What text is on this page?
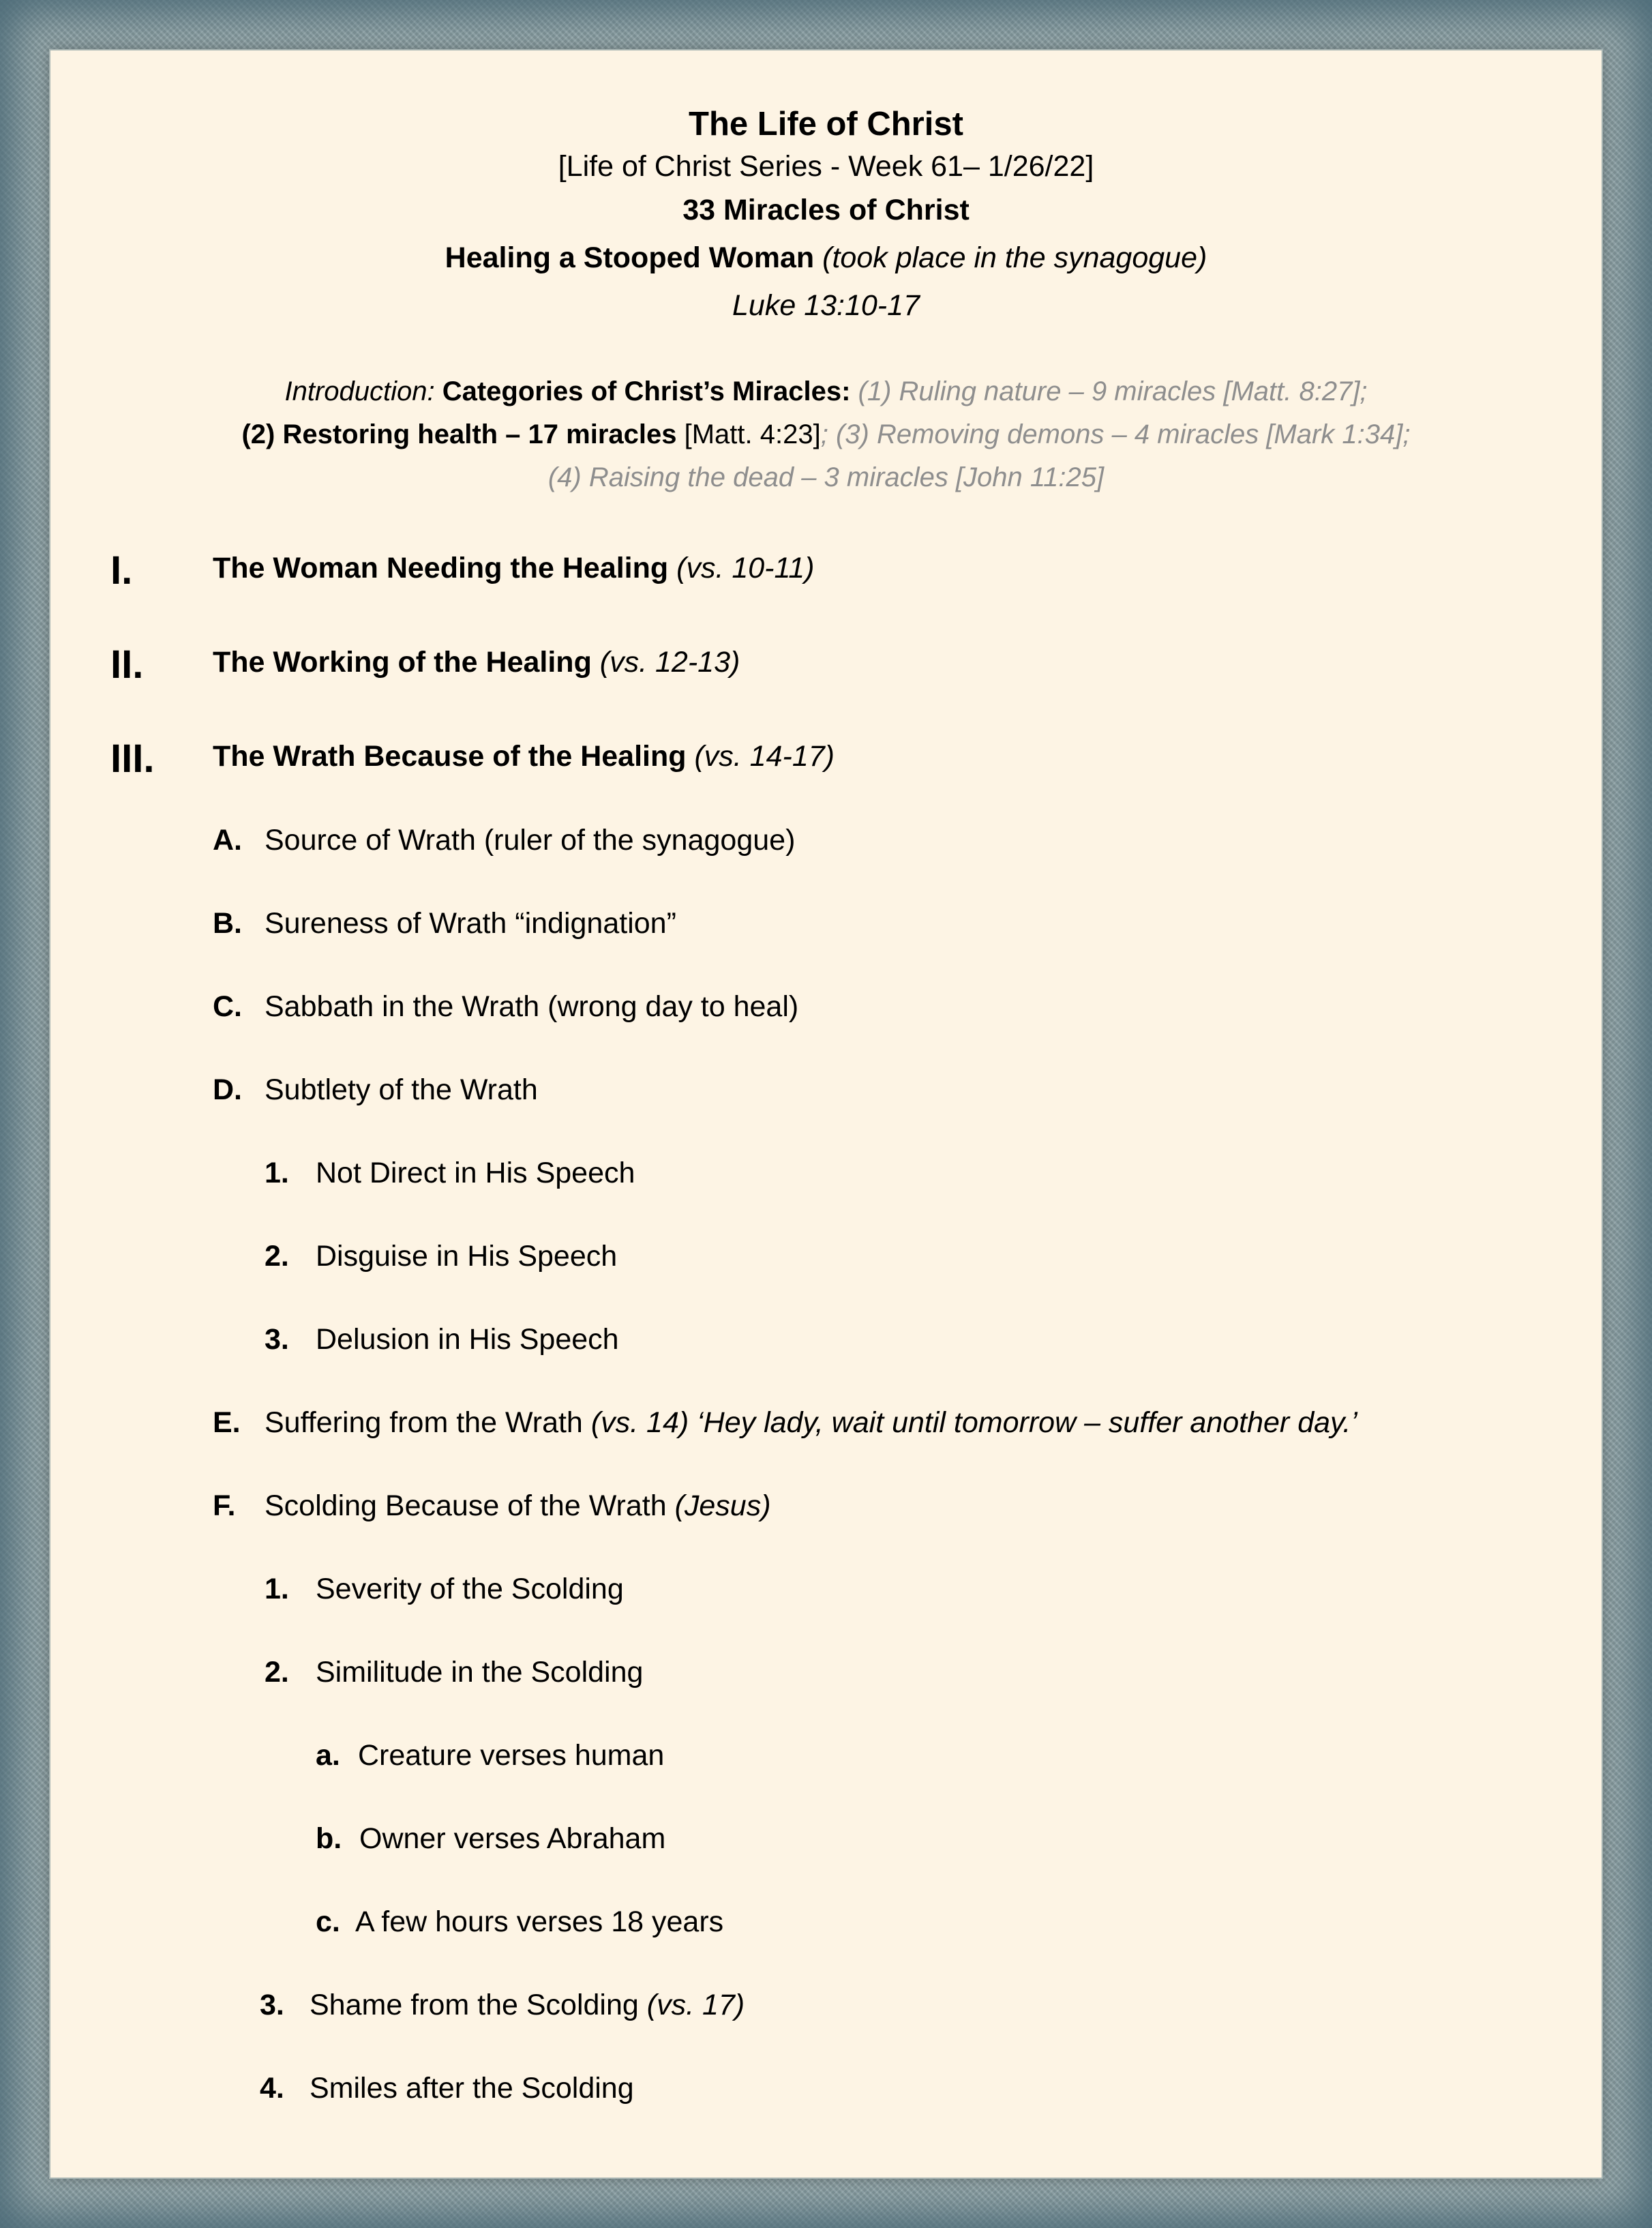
The Life of Christ
[Life of Christ Series - Week 61– 1/26/22]
33 Miracles of Christ
Healing a Stooped Woman (took place in the synagogue)
Luke 13:10-17
Introduction: Categories of Christ’s Miracles: (1) Ruling nature – 9 miracles [Matt. 8:27];
(2) Restoring health – 17 miracles [Matt. 4:23]; (3) Removing demons – 4 miracles [Mark 1:34];
(4) Raising the dead – 3 miracles [John 11:25]
I.	The Woman Needing the Healing (vs. 10-11)
II. The Working of the Healing (vs. 12-13)
III. The Wrath Because of the Healing (vs. 14-17)
A. Source of Wrath (ruler of the synagogue)
B. Sureness of Wrath “indignation”
C. Sabbath in the Wrath (wrong day to heal)
D. Subtlety of the Wrath
1. Not Direct in His Speech
2. Disguise in His Speech
3. Delusion in His Speech
E. Suffering from the Wrath (vs. 14) ‘Hey lady, wait until tomorrow – suffer another day.’
F. Scolding Because of the Wrath (Jesus)
1. Severity of the Scolding
2. Similitude in the Scolding
a. Creature verses human
b. Owner verses Abraham
c. A few hours verses 18 years
3. Shame from the Scolding (vs. 17)
4. Smiles after the Scolding
